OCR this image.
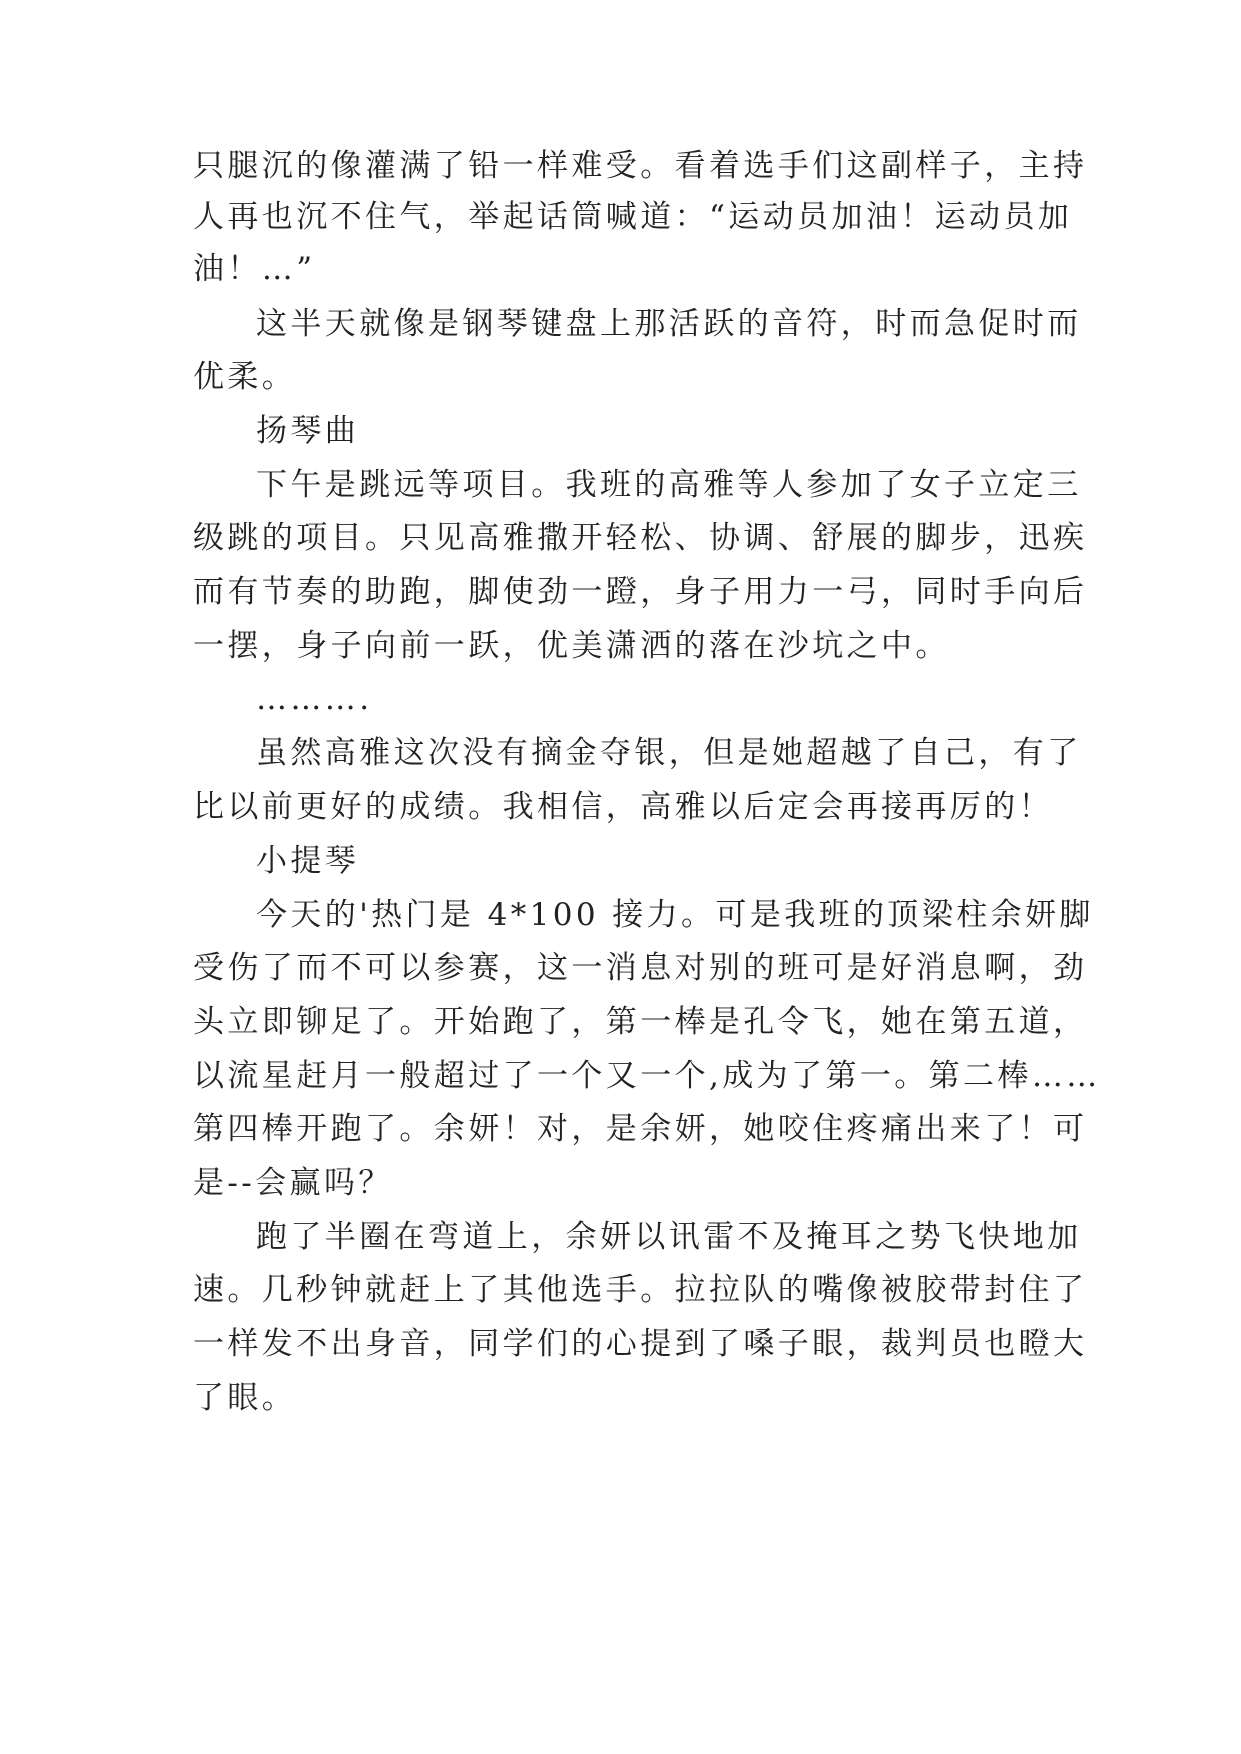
只腿沉的像灌满了铅一样难受。看着选手们这副样子，主持
人再也沉不住气，举起话筒喊道：“运动员加油！运动员加
油！…”
这半天就像是钢琴键盘上那活跃的音符，时而急促时而
优柔。
扬琴曲
下午是跳远等项目。我班的高雅等人参加了女子立定三
级跳的项目。只见高雅撒开轻松、协调、舒展的脚步，迅疾
而有节奏的助跑，脚使劲一蹬，身子用力一弓，同时手向后
一摆，身子向前一跃，优美潇洒的落在沙坑之中。
……….
虽然高雅这次没有摘金夺银，但是她超越了自己，有了
比以前更好的成绩。我相信，高雅以后定会再接再厉的！
小提琴
今天的'热门是 4*100 接力。可是我班的顶梁柱余妍脚
受伤了而不可以参赛，这一消息对别的班可是好消息啊，劲
头立即铆足了。开始跑了，第一棒是孔令飞，她在第五道，
以流星赶月一般超过了一个又一个,成为了第一。第二棒……
第四棒开跑了。余妍！对，是余妍，她咬住疼痛出来了！可
是--会赢吗？
跑了半圈在弯道上，余妍以讯雷不及掩耳之势飞快地加
速。几秒钟就赶上了其他选手。拉拉队的嘴像被胶带封住了
一样发不出身音，同学们的心提到了嗓子眼，裁判员也瞪大
了眼。
